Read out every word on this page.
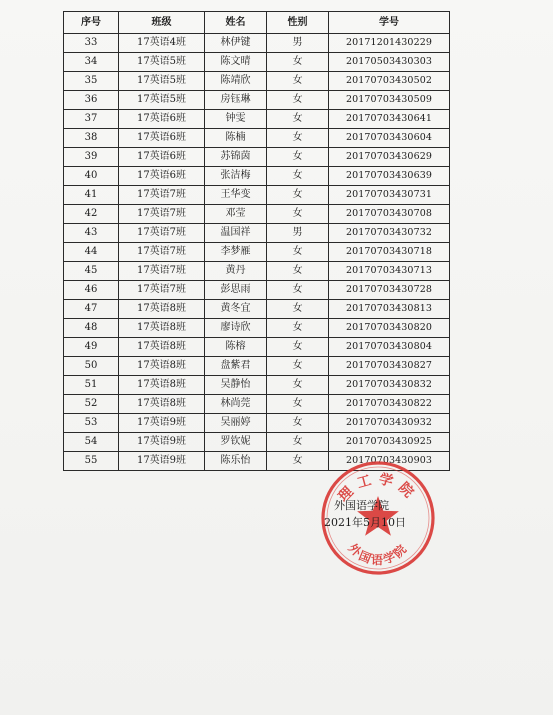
序号	班级	姓名	性别	学号
33	17英语4班	林伊键	男	20171201430229
34	17英语5班	陈文晴	女	20170503430303
35	17英语5班	陈靖欣	女	20170703430502
36	17英语5班	房钰琳	女	20170703430509
37	17英语6班	钟雯	女	20170703430641
38	17英语6班	陈楠	女	20170703430604
39	17英语6班	苏锦茵	女	20170703430629
40	17英语6班	张洁梅	女	20170703430639
41	17英语7班	王华变	女	20170703430731
42	17英语7班	邓莹	女	20170703430708
43	17英语7班	温国祥	男	20170703430732
44	17英语7班	李梦雁	女	20170703430718
45	17英语7班	黄丹	女	20170703430713
46	17英语7班	彭思雨	女	20170703430728
47	17英语8班	黄冬宜	女	20170703430813
48	17英语8班	廖诗欣	女	20170703430820
49	17英语8班	陈榕	女	20170703430804
50	17英语8班	盘紫君	女	20170703430827
51	17英语8班	吴静怡	女	20170703430832
52	17英语8班	林尚莞	女	20170703430822
53	17英语9班	吴丽婷	女	20170703430932
54	17英语9班	罗钦妮	女	20170703430925
55	17英语9班	陈乐怡	女	20170703430903
外国语学院
2021年5月10日
理工学院
外国语学院
